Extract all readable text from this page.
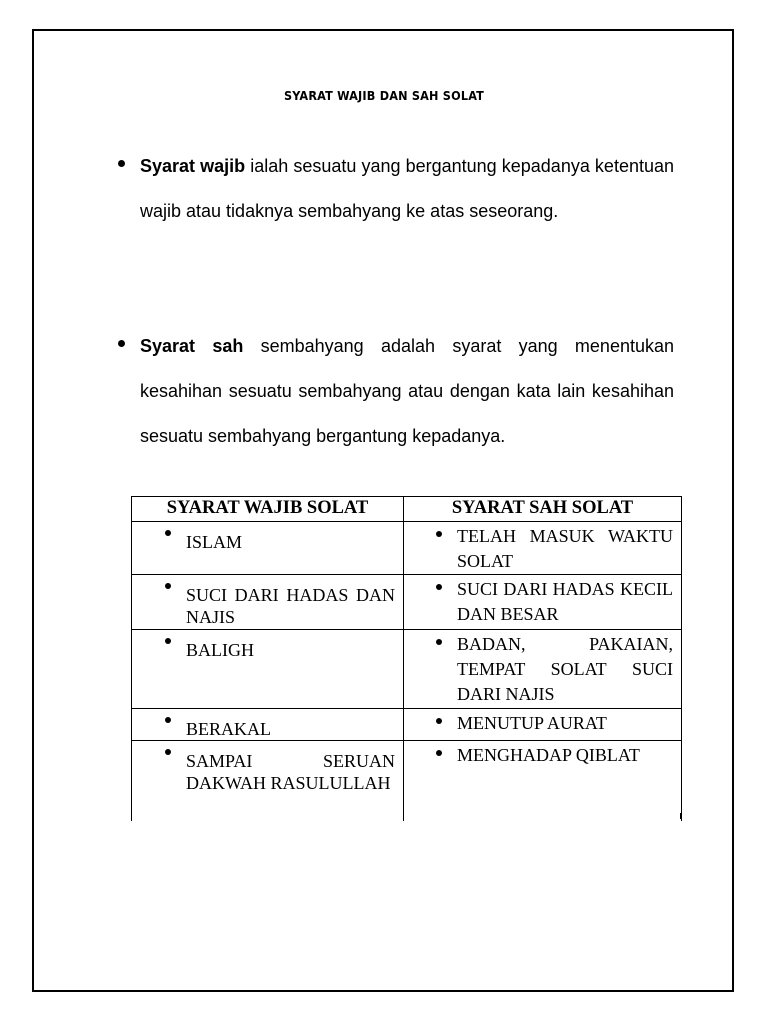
SYARAT WAJIB DAN SAH SOLAT

Syarat wajib ialah sesuatu yang bergantung kepadanya ketentuan wajib atau tidaknya sembahyang ke atas seseorang.

Syarat sah sembahyang adalah syarat yang menentukan kesahihan sesuatu sembahyang atau dengan kata lain kesahihan sesuatu sembahyang bergantung kepadanya.

SYARAT WAJIB SOLAT	SYARAT SAH SOLAT

ISLAM	TELAH MASUK WAKTU SOLAT

SUCI DARI HADAS DAN NAJIS	SUCI DARI HADAS KECIL DAN BESAR

BALIGH	BADAN, PAKAIAN, TEMPAT SOLAT SUCI DARI NAJIS

BERAKAL	MENUTUP AURAT

SAMPAI SERUAN DAKWAH RASULULLAH	MENGHADAP QIBLAT
